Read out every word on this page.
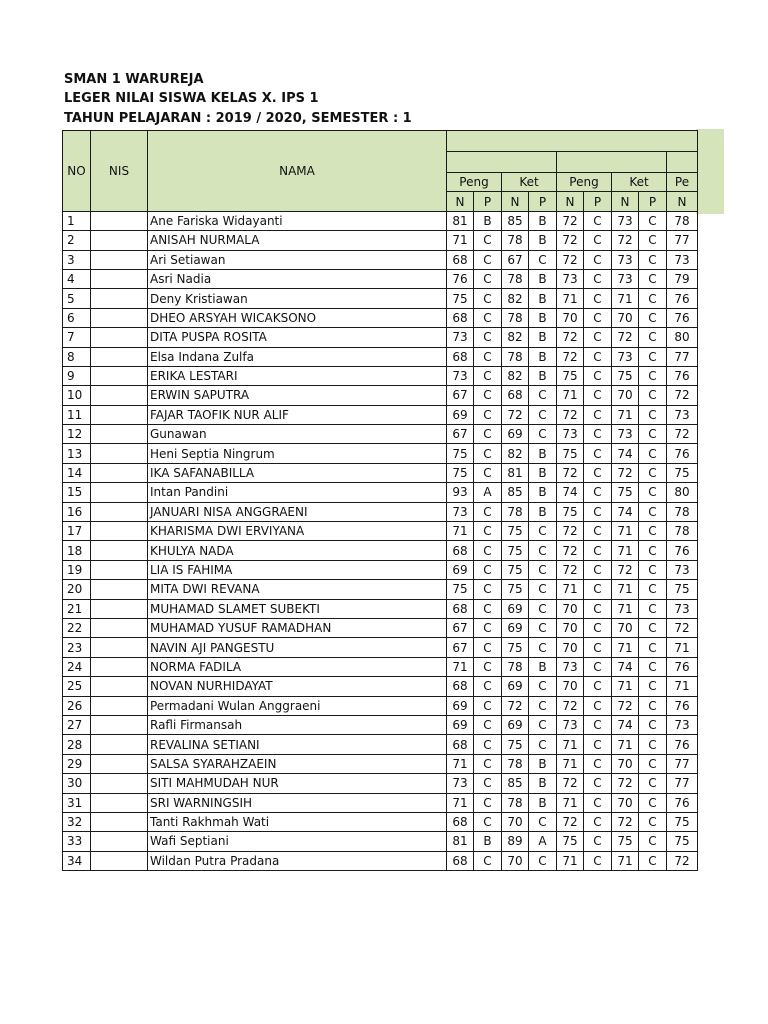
SMAN 1 WARUREJA
LEGER NILAI SISWA KELAS X. IPS 1
TAHUN PELAJARAN : 2019 / 2020, SEMESTER : 1
NO	NIS	NAMA									

			Peng		Ket		Peng		Ket		Pe
			N	P	N	P	N	P	N	P	N
1		Ane Fariska Widayanti	81	B	85	B	72	C	73	C	78
2		ANISAH NURMALA	71	C	78	B	72	C	72	C	77
3		Ari Setiawan	68	C	67	C	72	C	73	C	73
4		Asri Nadia	76	C	78	B	73	C	73	C	79
5		Deny Kristiawan	75	C	82	B	71	C	71	C	76
6		DHEO ARSYAH WICAKSONO	68	C	78	B	70	C	70	C	76
7		DITA PUSPA ROSITA	73	C	82	B	72	C	72	C	80
8		Elsa Indana Zulfa	68	C	78	B	72	C	73	C	77
9		ERIKA LESTARI	73	C	82	B	75	C	75	C	76
10		ERWIN SAPUTRA	67	C	68	C	71	C	70	C	72
11		FAJAR TAOFIK NUR ALIF	69	C	72	C	72	C	71	C	73
12		Gunawan	67	C	69	C	73	C	73	C	72
13		Heni Septia Ningrum	75	C	82	B	75	C	74	C	76
14		IKA SAFANABILLA	75	C	81	B	72	C	72	C	75
15		Intan Pandini	93	A	85	B	74	C	75	C	80
16		JANUARI NISA ANGGRAENI	73	C	78	B	75	C	74	C	78
17		KHARISMA DWI ERVIYANA	71	C	75	C	72	C	71	C	78
18		KHULYA NADA	68	C	75	C	72	C	71	C	76
19		LIA IS FAHIMA	69	C	75	C	72	C	72	C	73
20		MITA DWI REVANA	75	C	75	C	71	C	71	C	75
21		MUHAMAD SLAMET SUBEKTI	68	C	69	C	70	C	71	C	73
22		MUHAMAD YUSUF RAMADHAN	67	C	69	C	70	C	70	C	72
23		NAVIN AJI PANGESTU	67	C	75	C	70	C	71	C	71
24		NORMA FADILA	71	C	78	B	73	C	74	C	76
25		NOVAN NURHIDAYAT	68	C	69	C	70	C	71	C	71
26		Permadani Wulan Anggraeni	69	C	72	C	72	C	72	C	76
27		Rafli Firmansah	69	C	69	C	73	C	74	C	73
28		REVALINA SETIANI	68	C	75	C	71	C	71	C	76
29		SALSA SYARAHZAEIN	71	C	78	B	71	C	70	C	77
30		SITI MAHMUDAH NUR	73	C	85	B	72	C	72	C	77
31		SRI WARNINGSIH	71	C	78	B	71	C	70	C	76
32		Tanti Rakhmah Wati	68	C	70	C	72	C	72	C	75
33		Wafi Septiani	81	B	89	A	75	C	75	C	75
34		Wildan Putra Pradana	68	C	70	C	71	C	71	C	72
